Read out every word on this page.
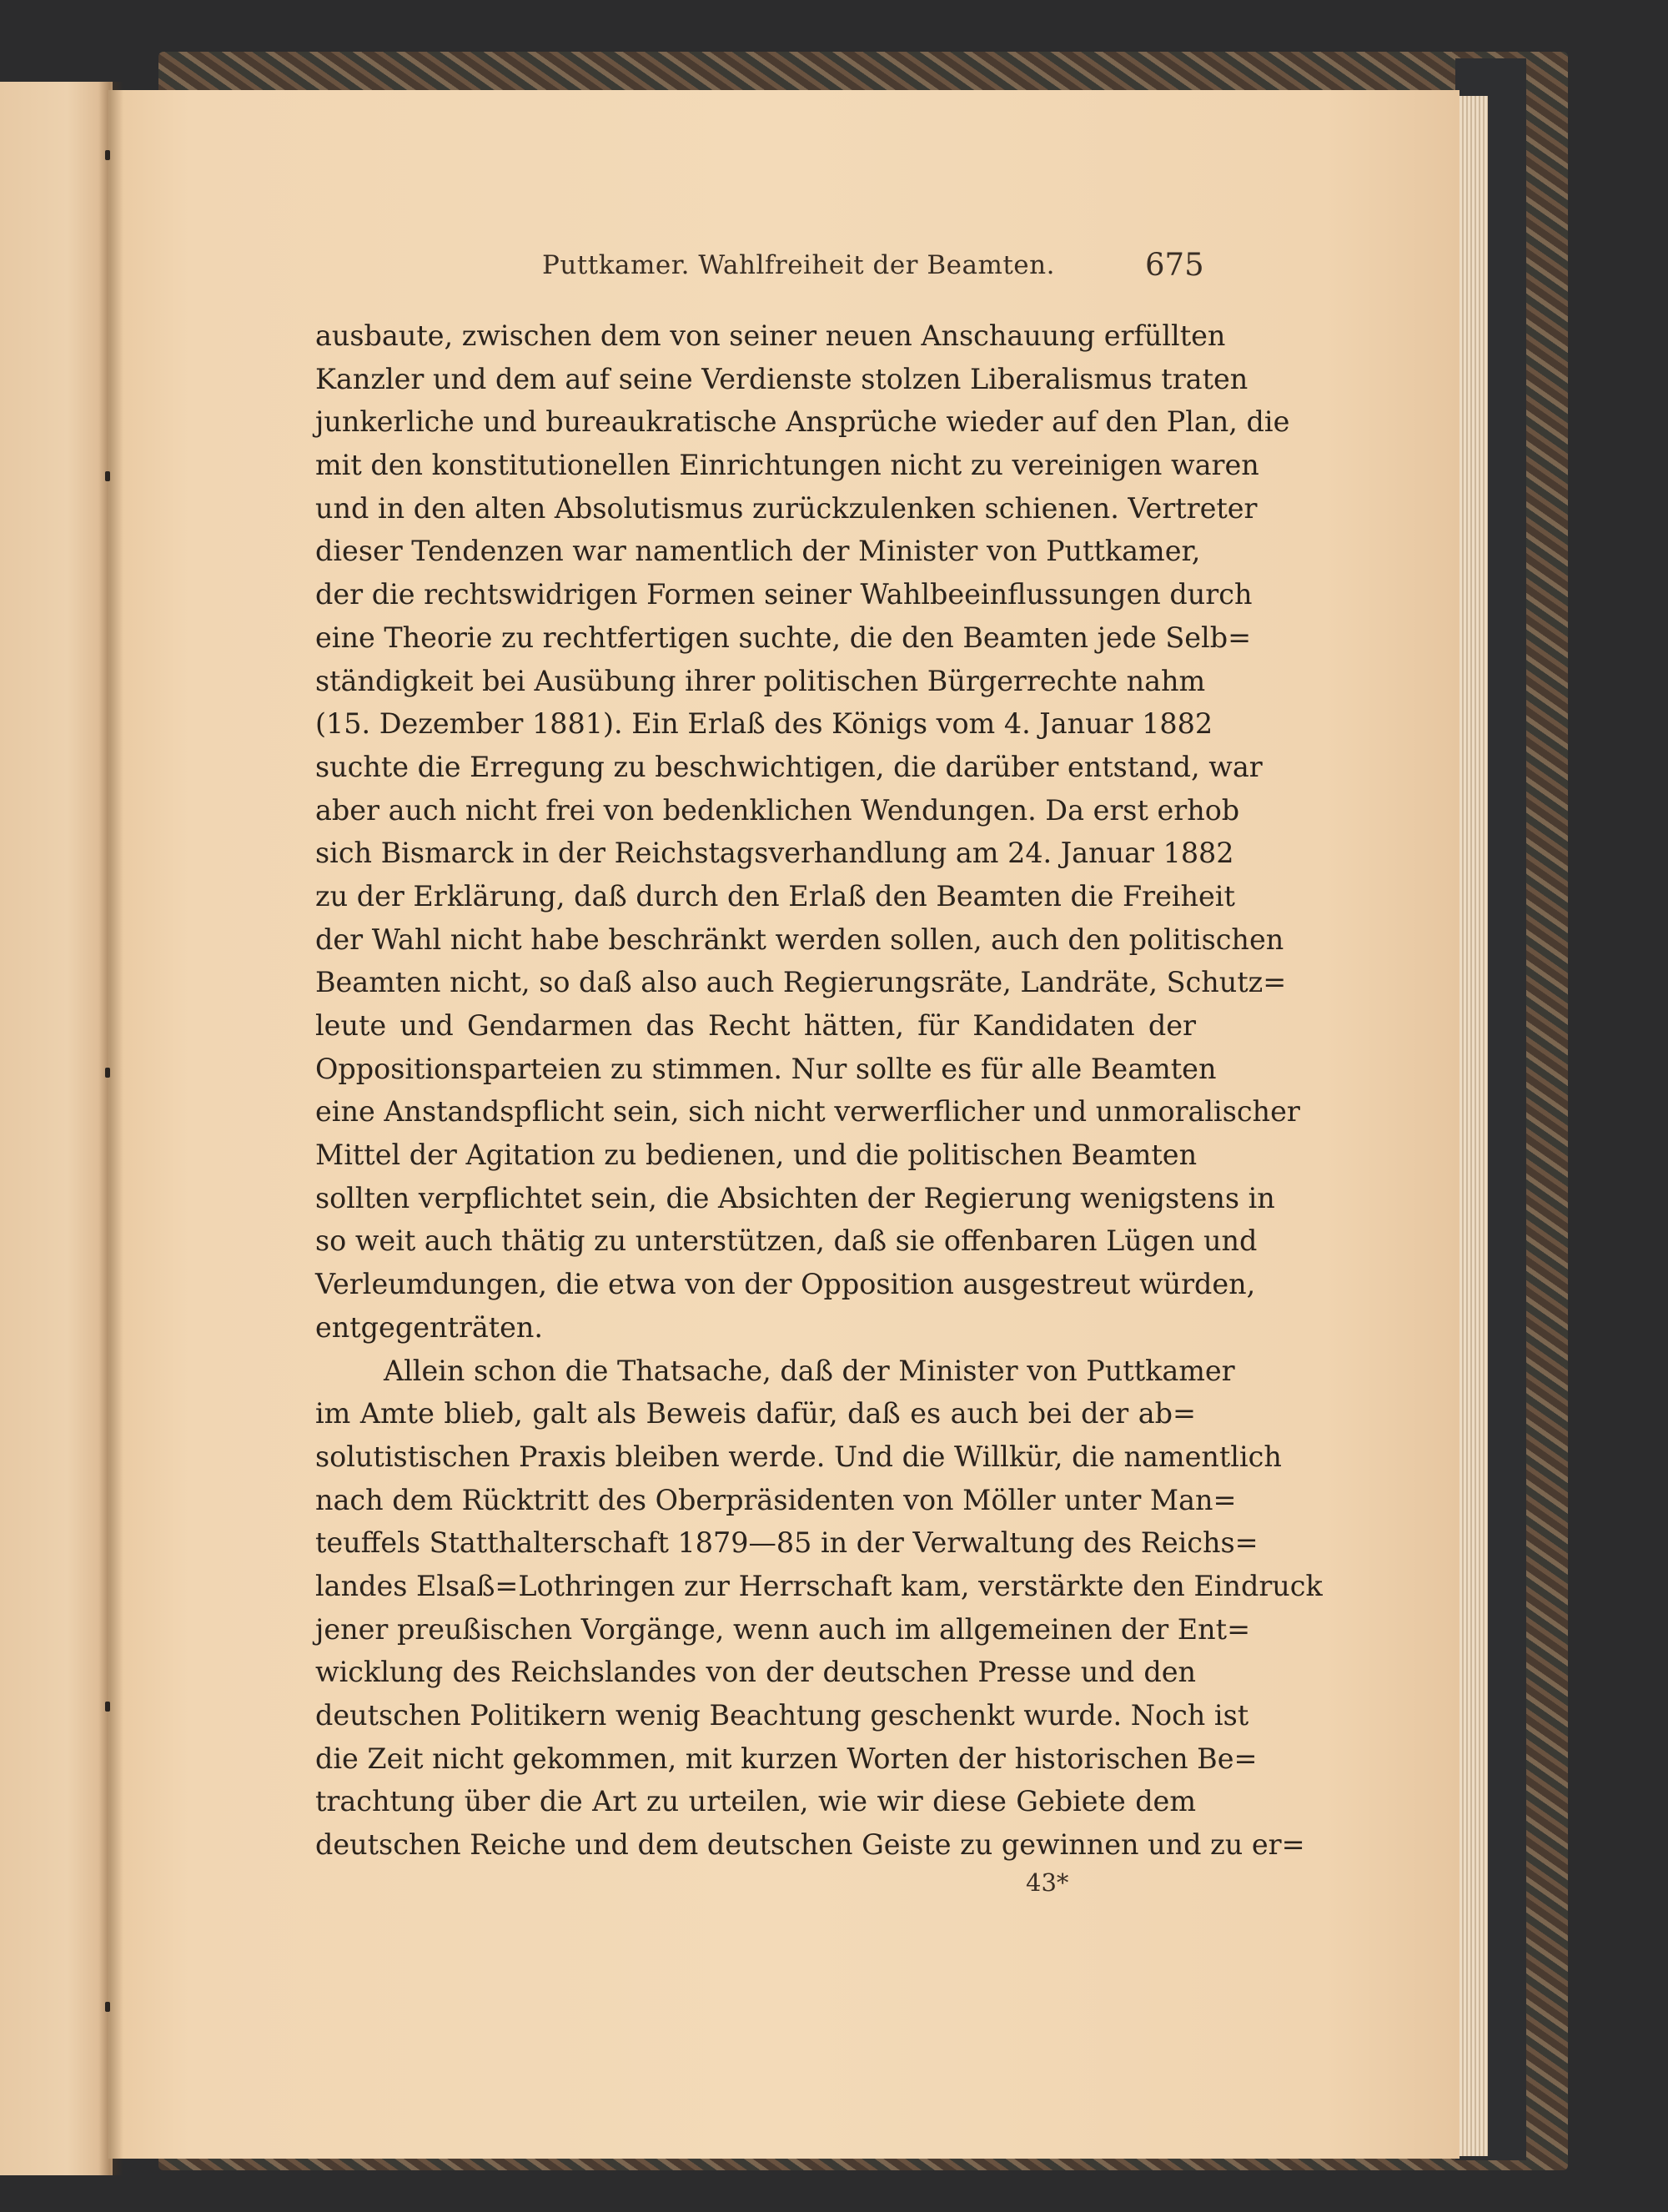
Puttkamer. Wahlfreiheit der Beamten.	675
ausbaute, zwischen dem von seiner neuen Anschauung erfüllten
Kanzler und dem auf seine Verdienste stolzen Liberalismus traten
junkerliche und bureaukratische Ansprüche wieder auf den Plan, die
mit den konstitutionellen Einrichtungen nicht zu vereinigen waren
und in den alten Absolutismus zurückzulenken schienen. Vertreter
dieser Tendenzen war namentlich der Minister von Puttkamer,
der die rechtswidrigen Formen seiner Wahlbeeinflussungen durch
eine Theorie zu rechtfertigen suchte, die den Beamten jede Selb=
ständigkeit bei Ausübung ihrer politischen Bürgerrechte nahm
(15. Dezember 1881). Ein Erlaß des Königs vom 4. Januar 1882
suchte die Erregung zu beschwichtigen, die darüber entstand, war
aber auch nicht frei von bedenklichen Wendungen. Da erst erhob
sich Bismarck in der Reichstagsverhandlung am 24. Januar 1882
zu der Erklärung, daß durch den Erlaß den Beamten die Freiheit
der Wahl nicht habe beschränkt werden sollen, auch den politischen
Beamten nicht, so daß also auch Regierungsräte, Landräte, Schutz=
leute und Gendarmen das Recht hätten, für Kandidaten der
Oppositionsparteien zu stimmen. Nur sollte es für alle Beamten
eine Anstandspflicht sein, sich nicht verwerflicher und unmoralischer
Mittel der Agitation zu bedienen, und die politischen Beamten
sollten verpflichtet sein, die Absichten der Regierung wenigstens in
so weit auch thätig zu unterstützen, daß sie offenbaren Lügen und
Verleumdungen, die etwa von der Opposition ausgestreut würden,
entgegenträten.
Allein schon die Thatsache, daß der Minister von Puttkamer
im Amte blieb, galt als Beweis dafür, daß es auch bei der ab=
solutistischen Praxis bleiben werde. Und die Willkür, die namentlich
nach dem Rücktritt des Oberpräsidenten von Möller unter Man=
teuffels Statthalterschaft 1879—85 in der Verwaltung des Reichs=
landes Elsaß=Lothringen zur Herrschaft kam, verstärkte den Eindruck
jener preußischen Vorgänge, wenn auch im allgemeinen der Ent=
wicklung des Reichslandes von der deutschen Presse und den
deutschen Politikern wenig Beachtung geschenkt wurde. Noch ist
die Zeit nicht gekommen, mit kurzen Worten der historischen Be=
trachtung über die Art zu urteilen, wie wir diese Gebiete dem
deutschen Reiche und dem deutschen Geiste zu gewinnen und zu er=
43*
